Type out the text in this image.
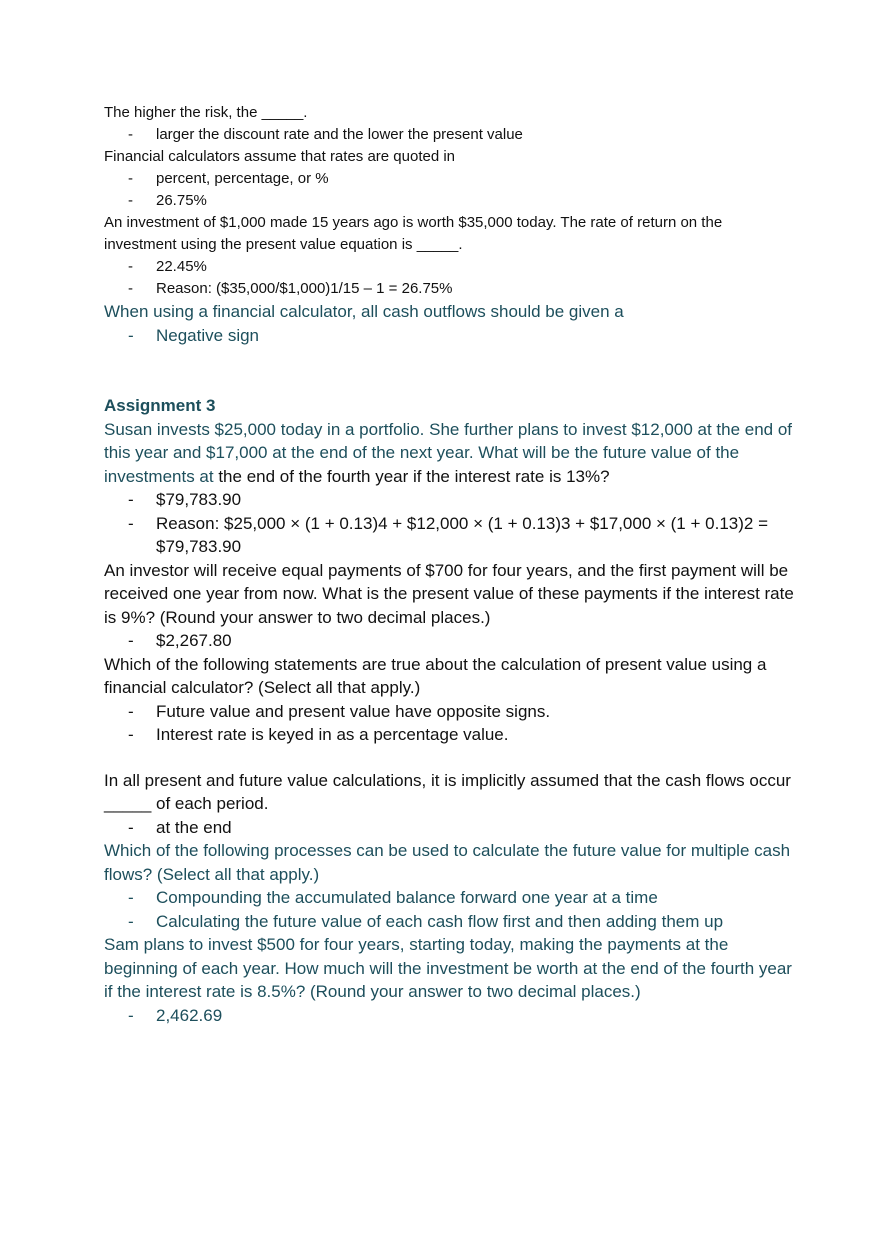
The higher the risk, the _____.

- larger the discount rate and the lower the present value

Financial calculators assume that rates are quoted in

- percent, percentage, or %

- 26.75%

An investment of $1,000 made 15 years ago is worth $35,000 today. The rate of return on the investment using the present value equation is _____.

- 22.45%

- Reason: ($35,000/$1,000)1/15 – 1 = 26.75%

When using a financial calculator, all cash outflows should be given a

- Negative sign

Assignment 3

Susan invests $25,000 today in a portfolio. She further plans to invest $12,000 at the end of this year and $17,000 at the end of the next year. What will be the future value of the investments at the end of the fourth year if the interest rate is 13%?

- $79,783.90

- Reason: $25,000 × (1 + 0.13)4 + $12,000 × (1 + 0.13)3 + $17,000 × (1 + 0.13)2 = $79,783.90

An investor will receive equal payments of $700 for four years, and the first payment will be received one year from now. What is the present value of these payments if the interest rate is 9%? (Round your answer to two decimal places.)

- $2,267.80

Which of the following statements are true about the calculation of present value using a financial calculator? (Select all that apply.)

- Future value and present value have opposite signs.

- Interest rate is keyed in as a percentage value.

In all present and future value calculations, it is implicitly assumed that the cash flows occur _____ of each period.

- at the end

Which of the following processes can be used to calculate the future value for multiple cash flows? (Select all that apply.)

- Compounding the accumulated balance forward one year at a time

- Calculating the future value of each cash flow first and then adding them up

Sam plans to invest $500 for four years, starting today, making the payments at the beginning of each year. How much will the investment be worth at the end of the fourth year if the interest rate is 8.5%? (Round your answer to two decimal places.)

- 2,462.69
